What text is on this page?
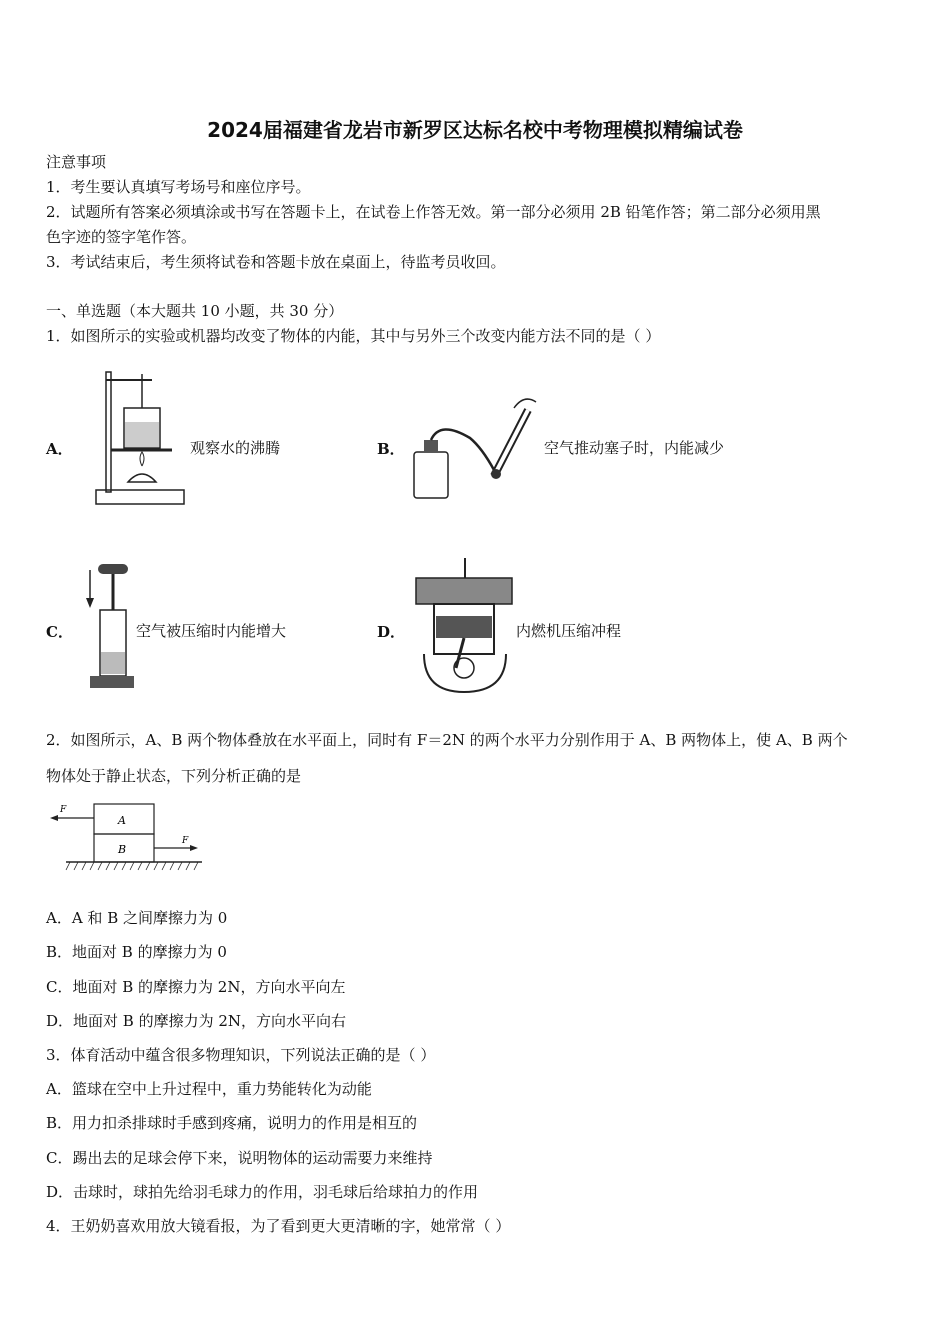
2024届福建省龙岩市新罗区达标名校中考物理模拟精编试卷
注意事项
1．考生要认真填写考场号和座位序号。
2．试题所有答案必须填涂或书写在答题卡上，在试卷上作答无效。第一部分必须用 2B 铅笔作答；第二部分必须用黑
色字迹的签字笔作答。
3．考试结束后，考生须将试卷和答题卡放在桌面上，待监考员收回。
一、单选题（本大题共 10 小题，共 30 分）
1．如图所示的实验或机器均改变了物体的内能，其中与另外三个改变内能方法不同的是（ ）
A．	观察水的沸腾	B．	空气推动塞子时，内能减少
C．	空气被压缩时内能增大	D．	内燃机压缩冲程
2．如图所示，A、B 两个物体叠放在水平面上，同时有 F＝2N 的两个水平力分别作用于 A、B 两物体上，使 A、B 两个
物体处于静止状态，下列分析正确的是
A
B
F
F
A．A 和 B 之间摩擦力为 0
B．地面对 B 的摩擦力为 0
C．地面对 B 的摩擦力为 2N，方向水平向左
D．地面对 B 的摩擦力为 2N，方向水平向右
3．体育活动中蕴含很多物理知识，下列说法正确的是（ ）
A．篮球在空中上升过程中，重力势能转化为动能
B．用力扣杀排球时手感到疼痛，说明力的作用是相互的
C．踢出去的足球会停下来，说明物体的运动需要力来维持
D．击球时，球拍先给羽毛球力的作用，羽毛球后给球拍力的作用
4．王奶奶喜欢用放大镜看报，为了看到更大更清晰的字，她常常（ ）
